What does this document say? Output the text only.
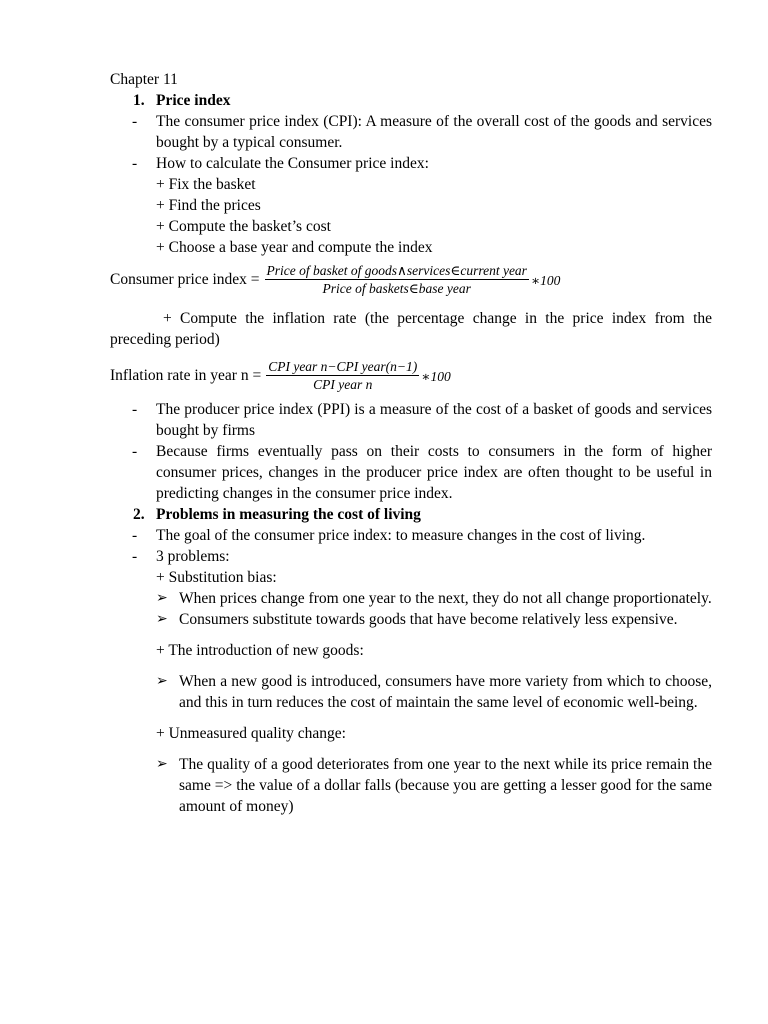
Chapter 11
1. Price index
- The consumer price index (CPI): A measure of the overall cost of the goods and services bought by a typical consumer.
- How to calculate the Consumer price index:
+ Fix the basket
+ Find the prices
+ Compute the basket’s cost
+ Choose a base year and compute the index
Consumer price index = $\frac{\text{Price of basket of goods∧services∈current year}}{\text{Price of baskets∈base year}}$ ∗100
+ Compute the inflation rate (the percentage change in the price index from the preceding period)
Inflation rate in year $n = \frac{\text{CPI year n−CPI year(n−1)}}{\text{CPI year n}}$ ∗100
- The producer price index (PPI) is a measure of the cost of a basket of goods and services bought by firms
- Because firms eventually pass on their costs to consumers in the form of higher consumer prices, changes in the producer price index are often thought to be useful in predicting changes in the consumer price index.
2. Problems in measuring the cost of living
- The goal of the consumer price index: to measure changes in the cost of living.
- 3 problems:
+ Substitution bias:
➢ When prices change from one year to the next, they do not all change proportionately.
➢ Consumers substitute towards goods that have become relatively less expensive.
+ The introduction of new goods:
➢ When a new good is introduced, consumers have more variety from which to choose, and this in turn reduces the cost of maintain the same level of economic well-being.
+ Unmeasured quality change:
➢ The quality of a good deteriorates from one year to the next while its price remain the same => the value of a dollar falls (because you are getting a lesser good for the same amount of money)
